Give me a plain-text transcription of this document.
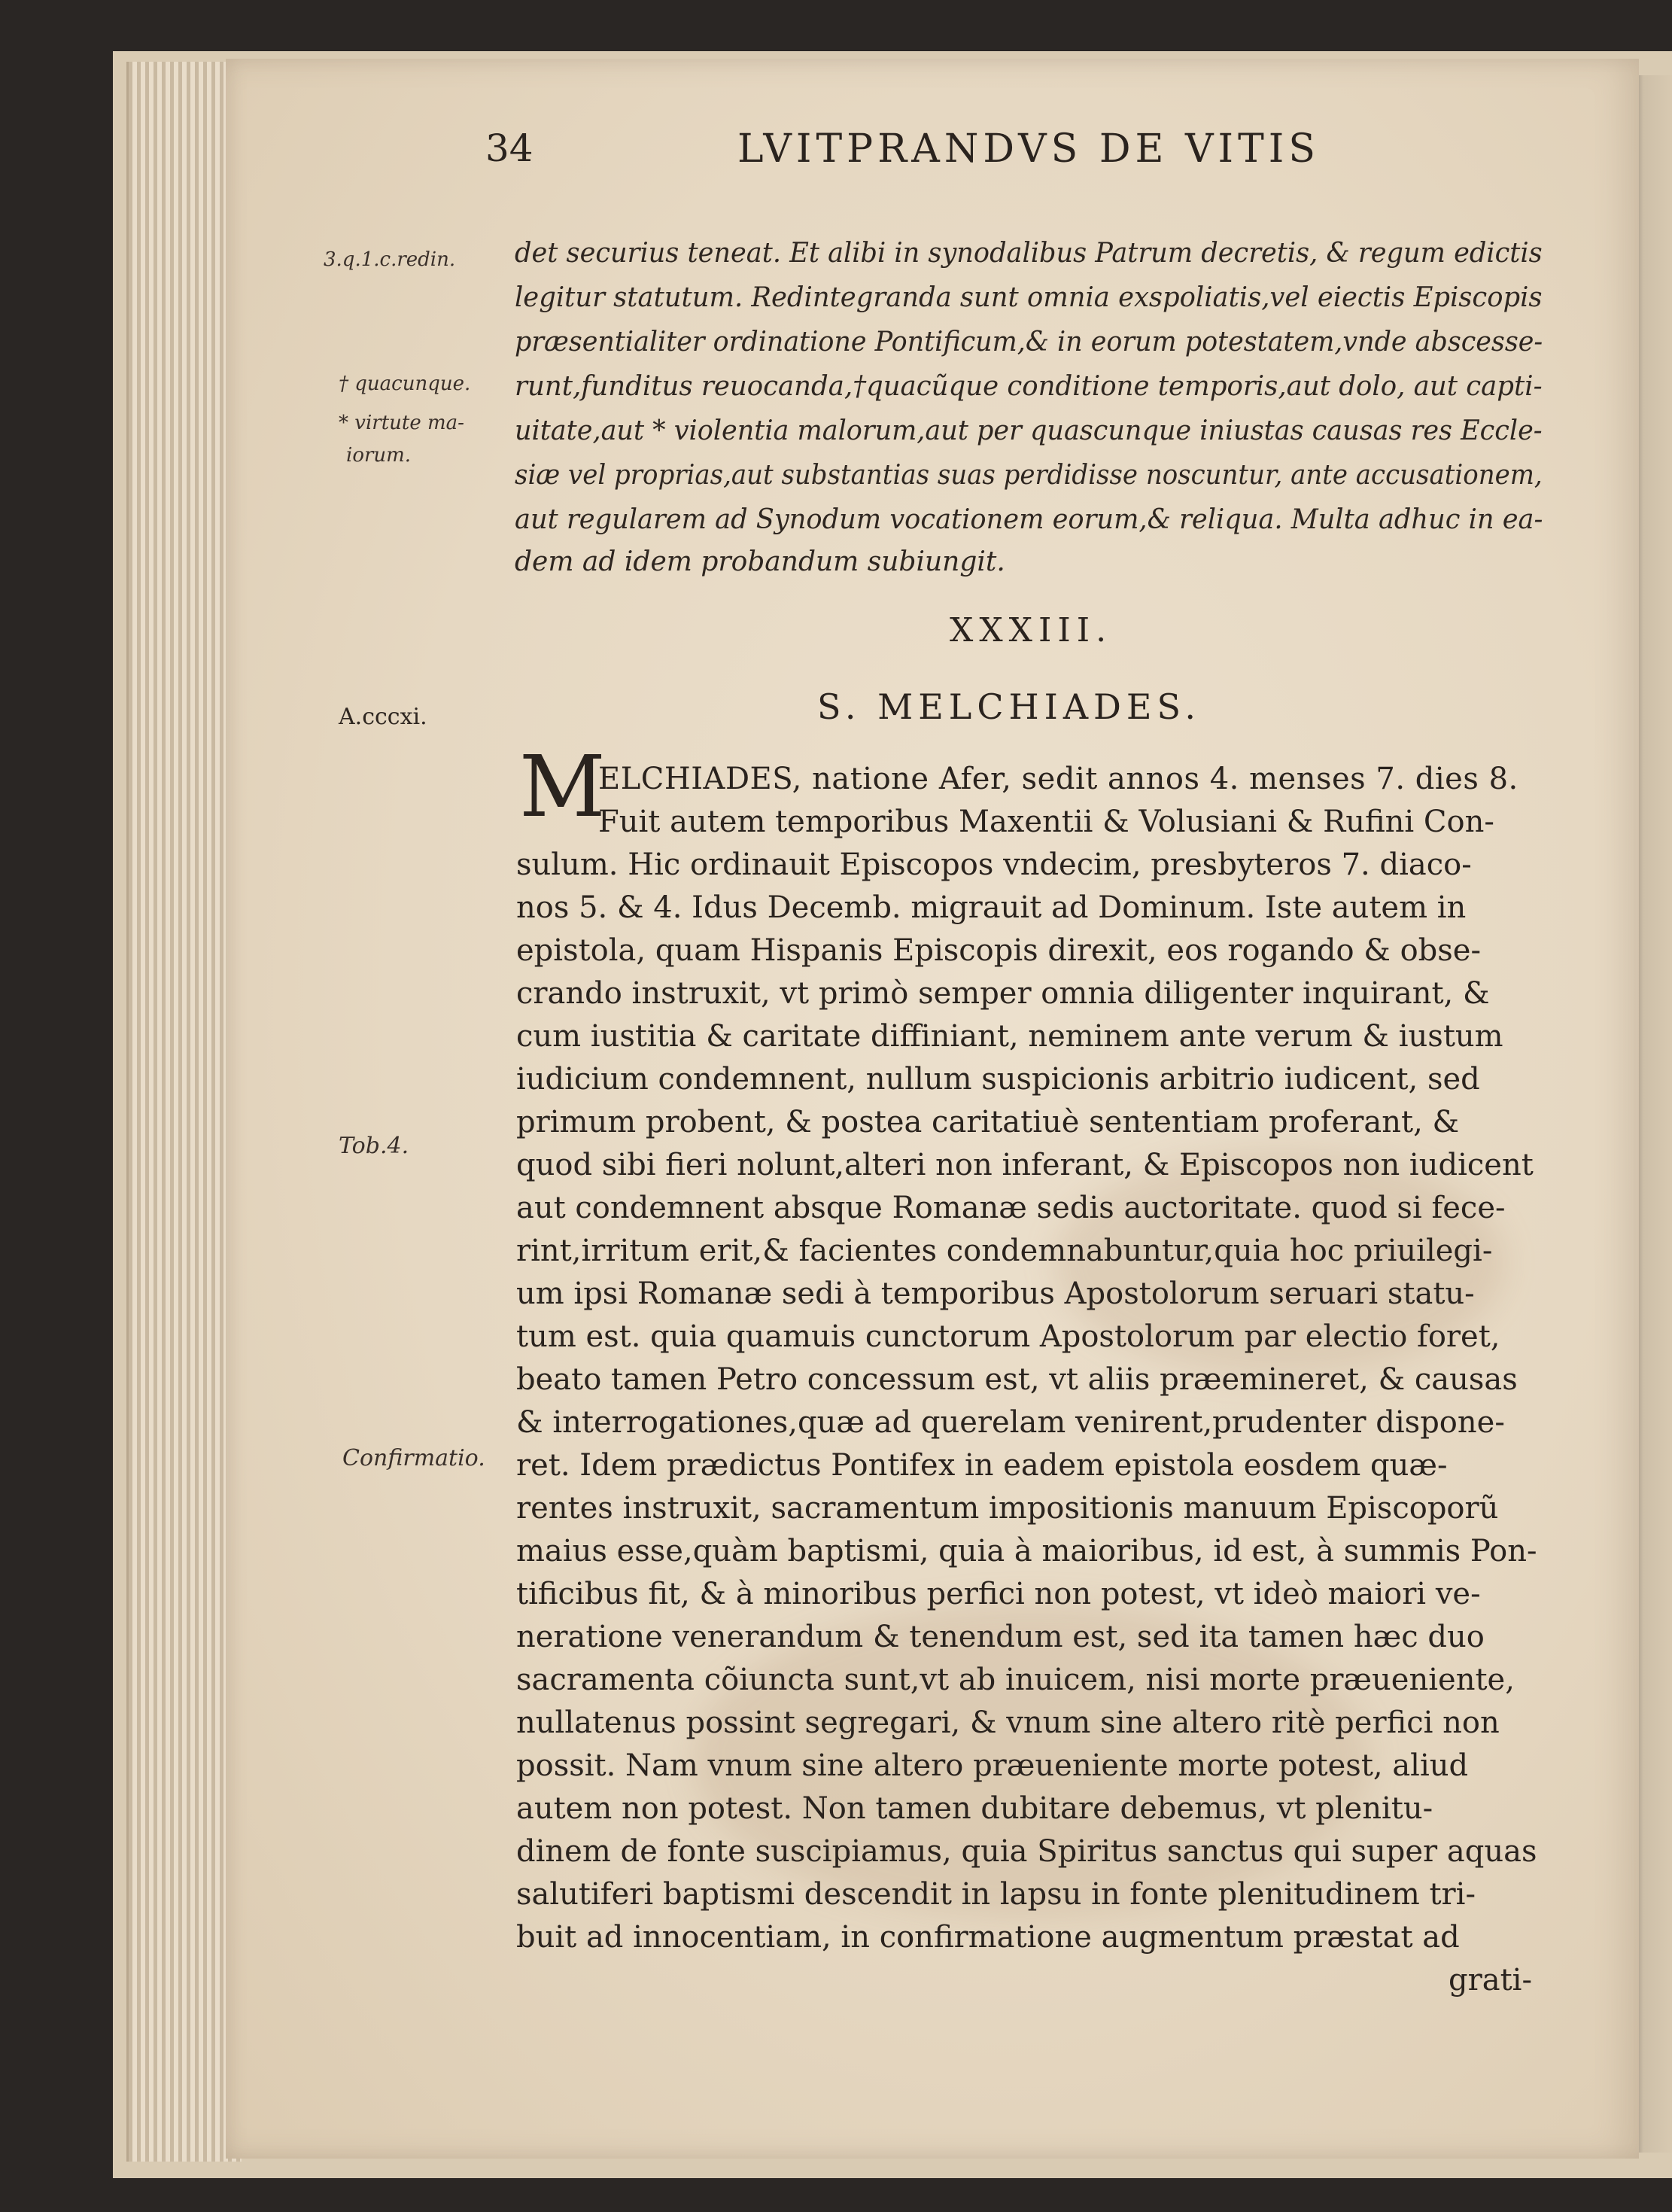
34	LVITPRANDVS DE VITIS
3.q.1.c.redin.
† quacunque.
* virtute ma-
iorum.
A.cccxi.
Tob.4.
Confirmatio.
det securius teneat. Et alibi in synodalibus Patrum decretis, & regum edictis
legitur statutum. Redintegranda sunt omnia exspoliatis,vel eiectis Episcopis
præsentialiter ordinatione Pontificum,& in eorum potestatem,vnde abscesse-
runt,funditus reuocanda,†quacũque conditione temporis,aut dolo, aut capti-
uitate,aut * violentia malorum,aut per quascunque iniustas causas res Eccle-
siæ vel proprias,aut substantias suas perdidisse noscuntur, ante accusationem,
aut regularem ad Synodum vocationem eorum,& reliqua. Multa adhuc in ea-
dem ad idem probandum subiungit.
XXXIII.
S. MELCHIADES.
M
ELCHIADES, natione Afer, sedit annos 4. menses 7. dies 8.
Fuit autem temporibus Maxentii & Volusiani & Rufini Con-
sulum. Hic ordinauit Episcopos vndecim, presbyteros 7. diaco-
nos 5. & 4. Idus Decemb. migrauit ad Dominum. Iste autem in
epistola, quam Hispanis Episcopis direxit, eos rogando & obse-
crando instruxit, vt primò semper omnia diligenter inquirant, &
cum iustitia & caritate diffiniant, neminem ante verum & iustum
iudicium condemnent, nullum suspicionis arbitrio iudicent, sed
primum probent, & postea caritatiuè sententiam proferant, &
quod sibi fieri nolunt,alteri non inferant, & Episcopos non iudicent
aut condemnent absque Romanæ sedis auctoritate. quod si fece-
rint,irritum erit,& facientes condemnabuntur,quia hoc priuilegi-
um ipsi Romanæ sedi à temporibus Apostolorum seruari statu-
tum est. quia quamuis cunctorum Apostolorum par electio foret,
beato tamen Petro concessum est, vt aliis præemineret, & causas
& interrogationes,quæ ad querelam venirent,prudenter dispone-
ret. Idem prædictus Pontifex in eadem epistola eosdem quæ-
rentes instruxit, sacramentum impositionis manuum Episcoporũ
maius esse,quàm baptismi, quia à maioribus, id est, à summis Pon-
tificibus fit, & à minoribus perfici non potest, vt ideò maiori ve-
neratione venerandum & tenendum est, sed ita tamen hæc duo
sacramenta cõiuncta sunt,vt ab inuicem, nisi morte præueniente,
nullatenus possint segregari, & vnum sine altero ritè perfici non
possit. Nam vnum sine altero præueniente morte potest, aliud
autem non potest. Non tamen dubitare debemus, vt plenitu-
dinem de fonte suscipiamus, quia Spiritus sanctus qui super aquas
salutiferi baptismi descendit in lapsu in fonte plenitudinem tri-
buit ad innocentiam, in confirmatione augmentum præstat ad
grati-
